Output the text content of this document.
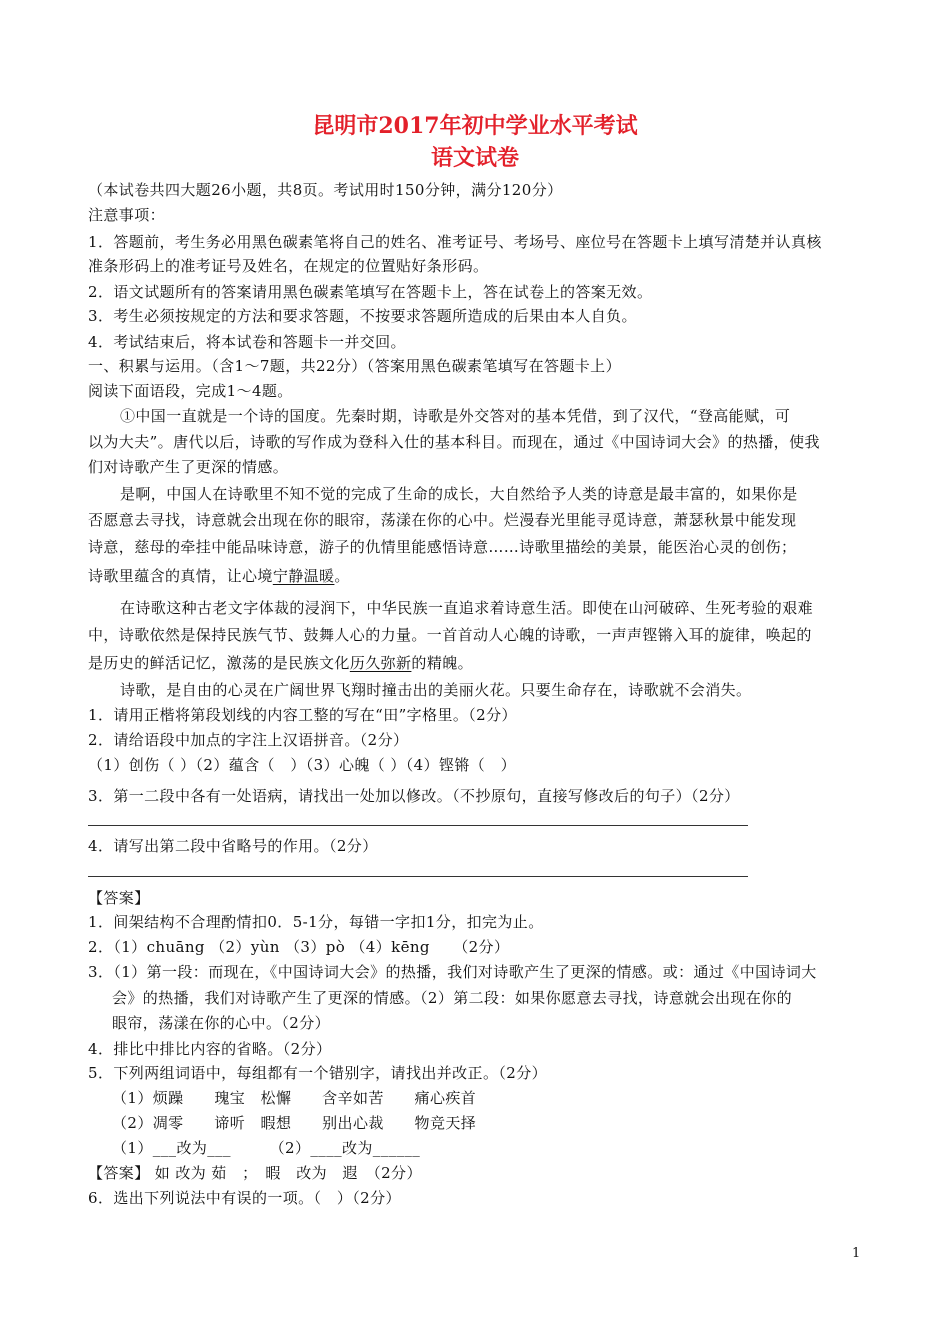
昆明市2017年初中学业水平考试
语文试卷
（本试卷共四大题26小题，共8页。考试用时150分钟，满分120分）
注意事项：
1．答题前，考生务必用黑色碳素笔将自己的姓名、准考证号、考场号、座位号在答题卡上填写清楚并认真核
准条形码上的准考证号及姓名，在规定的位置贴好条形码。
2．语文试题所有的答案请用黑色碳素笔填写在答题卡上，答在试卷上的答案无效。
3．考生必须按规定的方法和要求答题，不按要求答题所造成的后果由本人自负。
4．考试结束后，将本试卷和答题卡一并交回。
一、积累与运用。（含1～7题，共22分）（答案用黑色碳素笔填写在答题卡上）
阅读下面语段，完成1～4题。
①中国一直就是一个诗的国度。先秦时期，诗歌是外交答对的基本凭借，到了汉代，“登高能赋，可
以为大夫”。唐代以后，诗歌的写作成为登科入仕的基本科目。而现在，通过《中国诗词大会》的热播，使我
们对诗歌产生了更深的情感。
是啊，中国人在诗歌里不知不觉的完成了生命的成长，大自然给予人类的诗意是最丰富的，如果你是
否愿意去寻找，诗意就会出现在你的眼帘，荡漾在你的心中。烂漫春光里能寻觅诗意，萧瑟秋景中能发现
诗意，慈母的牵挂中能品味诗意，游子的仇情里能感悟诗意……诗歌里描绘的美景，能医治心灵的创伤；
诗歌里蕴含的真情，让心境宁静温暖。
在诗歌这种古老文字体裁的浸润下，中华民族一直追求着诗意生活。即使在山河破碎、生死考验的艰难
中，诗歌依然是保持民族气节、鼓舞人心的力量。一首首动人心魄的诗歌，一声声铿锵入耳的旋律，唤起的
是历史的鲜活记忆，激荡的是民族文化历久弥新的精魄。
诗歌，是自由的心灵在广阔世界飞翔时撞击出的美丽火花。只要生命存在，诗歌就不会消失。
1．请用正楷将第段划线的内容工整的写在“田”字格里。（2分）
2．请给语段中加点的字注上汉语拼音。（2分）
（1）创伤（ ）（2）蕴含（　）（3）心魄（ ）（4）铿锵（　）
3．第一二段中各有一处语病，请找出一处加以修改。（不抄原句，直接写修改后的句子）（2分）
4．请写出第二段中省略号的作用。（2分）
【答案】
1．间架结构不合理酌情扣0．5-1分，每错一字扣1分，扣完为止。
2．（1）chuāng （2）yùn （3）pò （4）kēng　　（2分）
3．（1）第一段：而现在，《中国诗词大会》的热播，我们对诗歌产生了更深的情感。或：通过《中国诗词大
会》的热播，我们对诗歌产生了更深的情感。（2）第二段：如果你愿意去寻找，诗意就会出现在你的
眼帘，荡漾在你的心中。（2分）
4．排比中排比内容的省略。（2分）
5．下列两组词语中，每组都有一个错别字，请找出并改正。（2分）
（1）烦躁　　瑰宝　松懈　　含辛如苦　　痛心疾首
（2）凋零　　谛听　暇想　　别出心裁　　物竞天择
（1）___改为___　　　（2）____改为______
【答案】 如 改为 茹　；　暇　改为　遐　（2分）
6．选出下列说法中有误的一项。（　）（2分）
1
